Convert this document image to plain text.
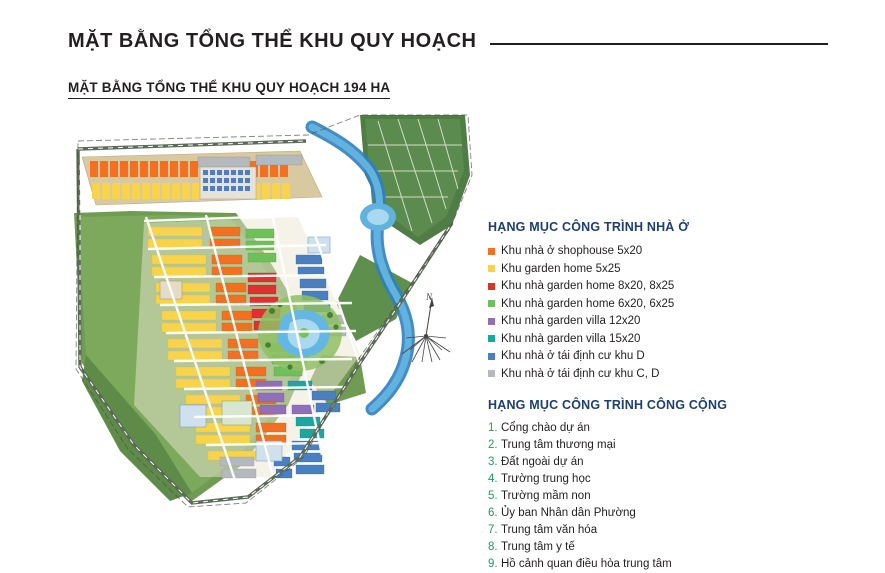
MẶT BẰNG TỔNG THỂ KHU QUY HOẠCH
MẶT BẰNG TỔNG THỂ KHU QUY HOẠCH 194 HA
N
HẠNG MỤC CÔNG TRÌNH NHÀ Ở
Khu nhà ở shophouse 5x20
Khu garden home 5x25
Khu nhà garden home 8x20, 8x25
Khu nhà garden home 6x20, 6x25
Khu nhà garden villa 12x20
Khu nhà garden villa 15x20
Khu nhà ở tái định cư khu D
Khu nhà ở tái định cư khu C, D
HẠNG MỤC CÔNG TRÌNH CÔNG CỘNG
1. Cổng chào dự án
2. Trung tâm thương mại
3. Đất ngoài dự án
4. Trường trung học
5. Trường mầm non
6. Ủy ban Nhân dân Phường
7. Trung tâm văn hóa
8. Trung tâm y tế
9. Hồ cảnh quan điều hòa trung tâm
